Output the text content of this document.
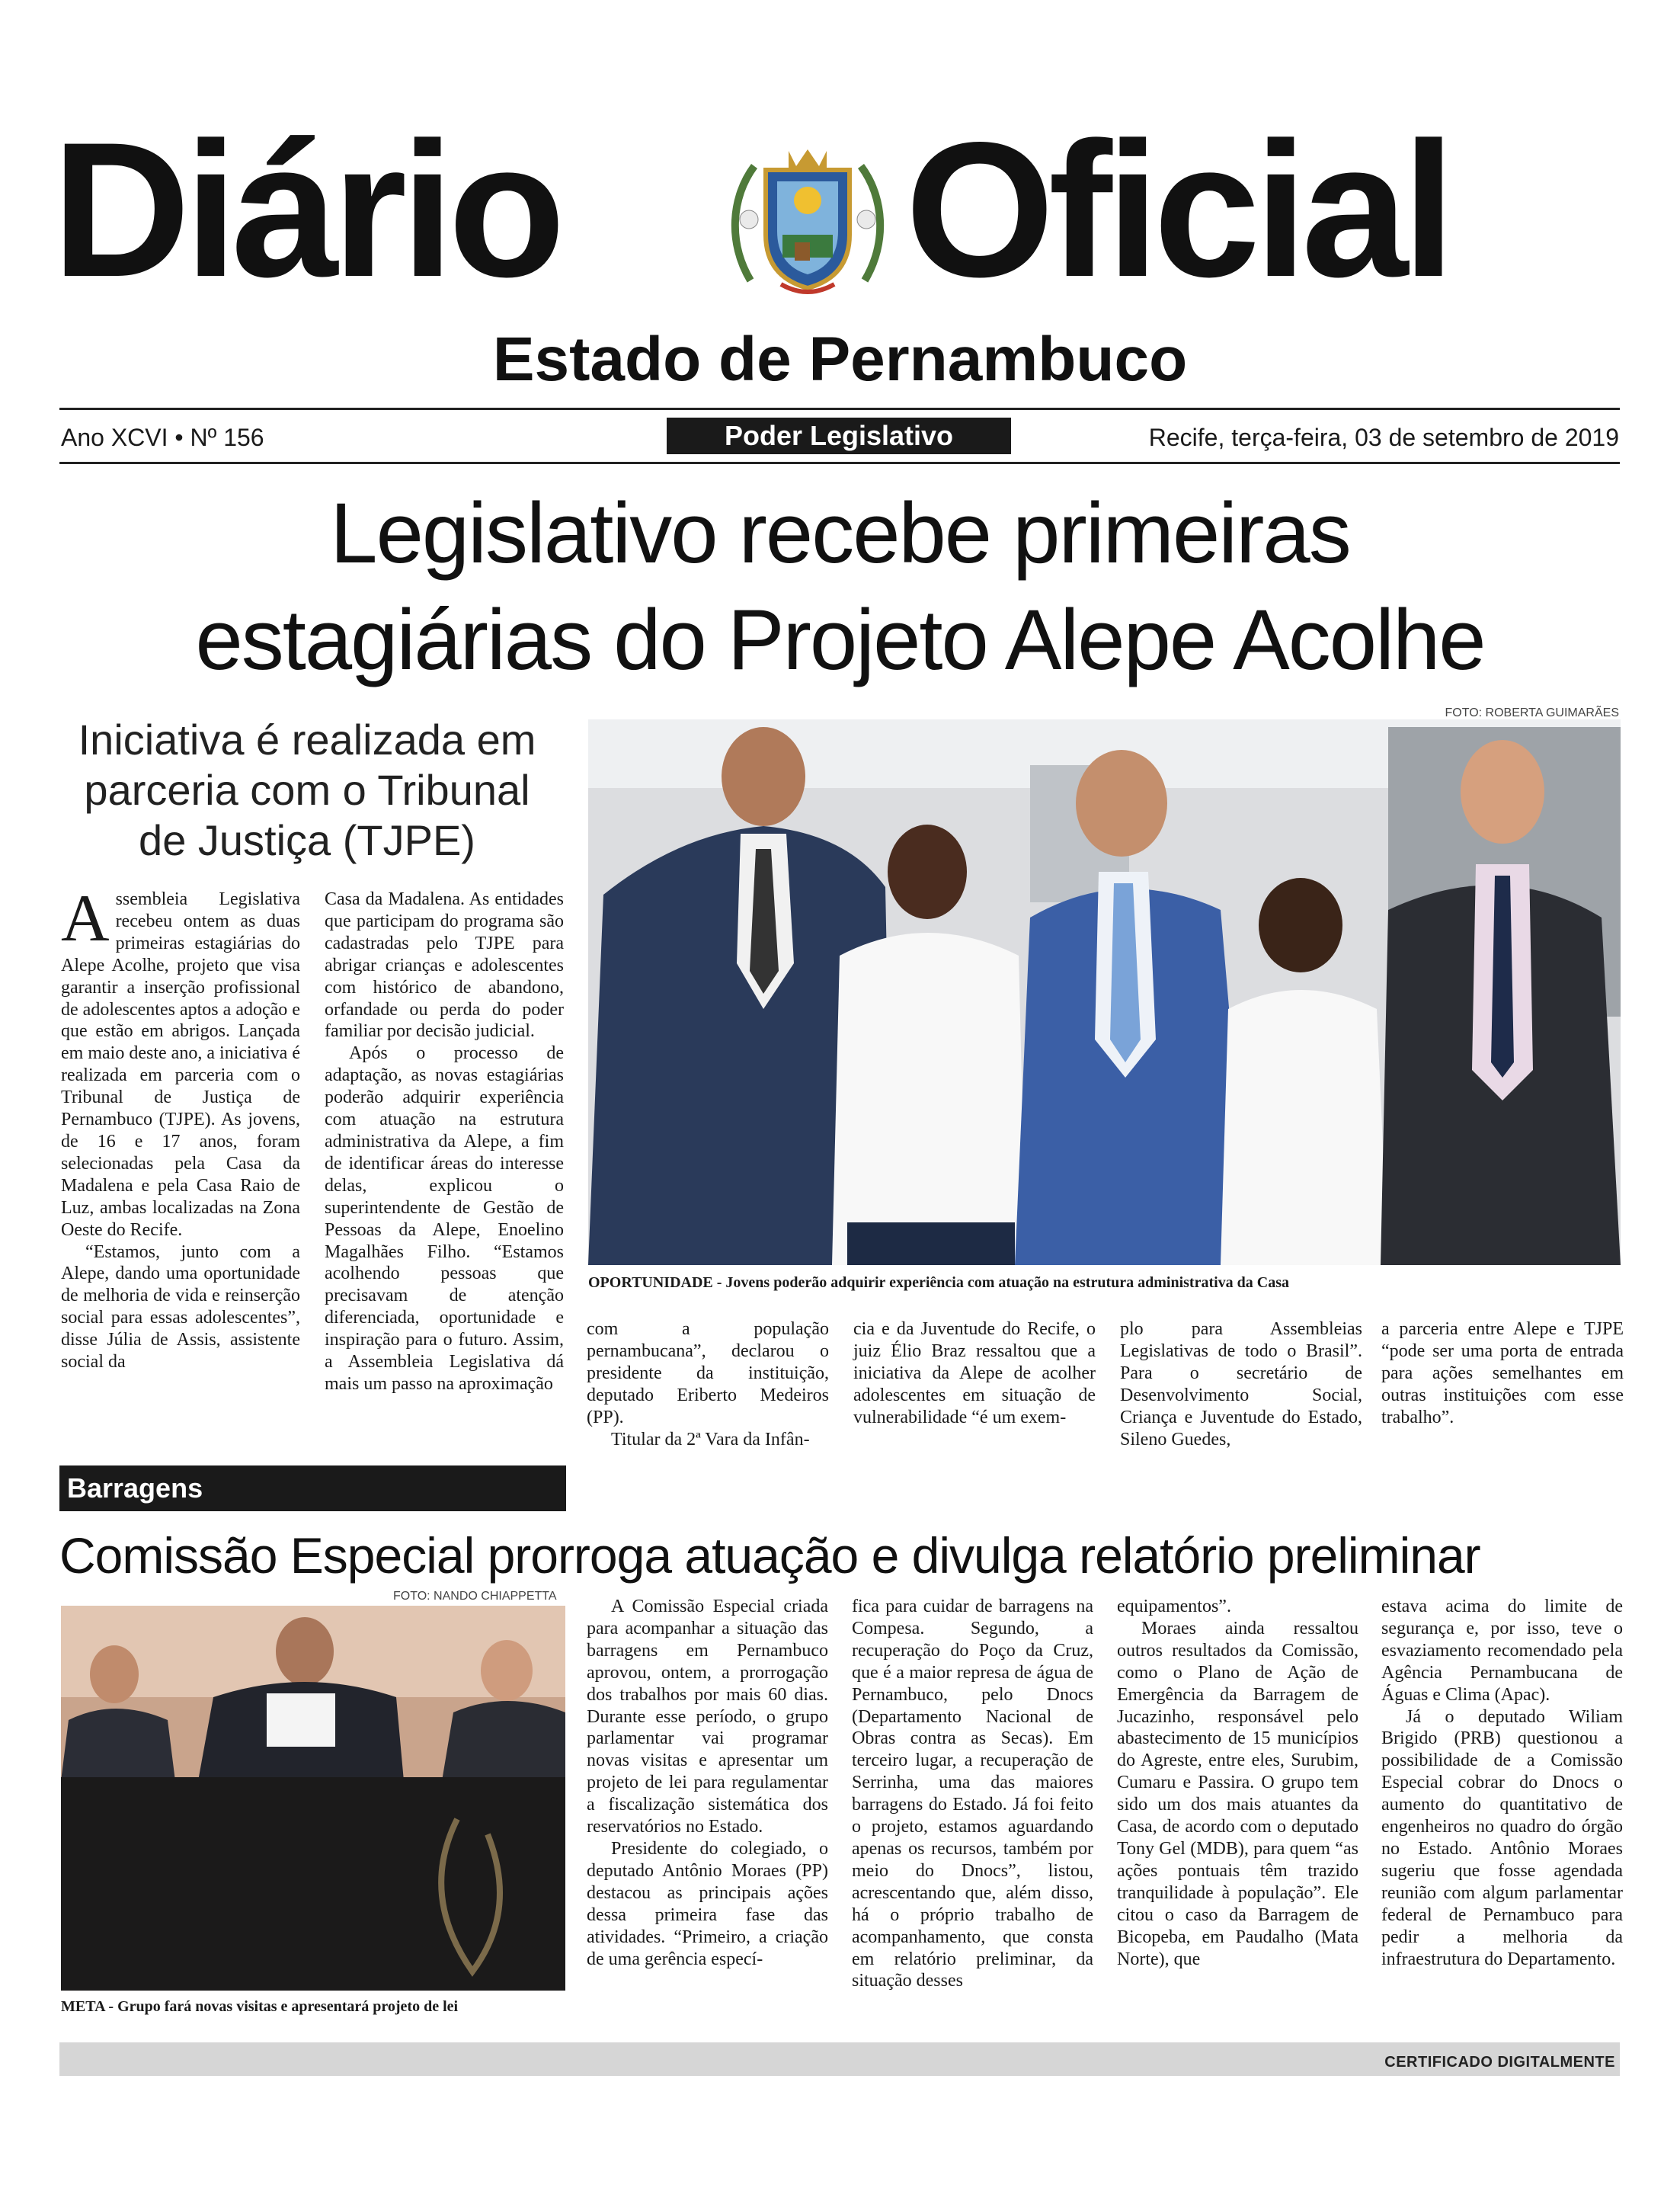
Diário Oficial
Estado de Pernambuco
Ano XCVI • Nº 156	Poder Legislativo	Recife, terça-feira, 03 de setembro de 2019
Legislativo recebe primeiras
estagiárias do Projeto Alepe Acolhe
FOTO: ROBERTA GUIMARÃES
Iniciativa é realizada em parceria com o Tribunal de Justiça (TJPE)

Assembleia Legislativa recebeu ontem as duas primeiras estagiárias do Alepe Acolhe, projeto que visa garantir a inserção profissional de adolescentes aptos a adoção e que estão em abrigos. Lançada em maio deste ano, a iniciativa é realizada em parceria com o Tribunal de Justiça de Pernambuco (TJPE). As jovens, de 16 e 17 anos, foram selecionadas pela Casa da Madalena e pela Casa Raio de Luz, ambas localizadas na Zona Oeste do Recife.

“Estamos, junto com a Alepe, dando uma oportunidade de melhoria de vida e reinserção social para essas adolescentes”, disse Júlia de Assis, assistente social da

Casa da Madalena. As entidades que participam do programa são cadastradas pelo TJPE para abrigar crianças e adolescentes com histórico de abandono, orfandade ou perda do poder familiar por decisão judicial.

Após o processo de adaptação, as novas estagiárias poderão adquirir experiência com atuação na estrutura administrativa da Alepe, a fim de identificar áreas do interesse delas, explicou o superintendente de Gestão de Pessoas da Alepe, Enoelino Magalhães Filho. “Estamos acolhendo pessoas que precisavam de atenção diferenciada, oportunidade e inspiração para o futuro. Assim, a Assembleia Legislativa dá mais um passo na aproximação

OPORTUNIDADE - Jovens poderão adquirir experiência com atuação na estrutura administrativa da Casa

com a população pernambucana”, declarou o presidente da instituição, deputado Eriberto Medeiros (PP).

Titular da 2ª Vara da Infân-

cia e da Juventude do Recife, o juiz Élio Braz ressaltou que a iniciativa da Alepe de acolher adolescentes em situação de vulnerabilidade “é um exem-

plo para Assembleias Legislativas de todo o Brasil”. Para o secretário de Desenvolvimento Social, Criança e Juventude do Estado, Sileno Guedes,

a parceria entre Alepe e TJPE “pode ser uma porta de entrada para ações semelhantes em outras instituições com esse trabalho”.

Barragens
Comissão Especial prorroga atuação e divulga relatório preliminar
FOTO: NANDO CHIAPPETTA
META - Grupo fará novas visitas e apresentará projeto de lei

A Comissão Especial criada para acompanhar a situação das barragens em Pernambuco aprovou, ontem, a prorrogação dos trabalhos por mais 60 dias. Durante esse período, o grupo parlamentar vai programar novas visitas e apresentar um projeto de lei para regulamentar a fiscalização sistemática dos reservatórios no Estado.

Presidente do colegiado, o deputado Antônio Moraes (PP) destacou as principais ações dessa primeira fase das atividades. “Primeiro, a criação de uma gerência especí-

fica para cuidar de barragens na Compesa. Segundo, a recuperação do Poço da Cruz, que é a maior represa de água de Pernambuco, pelo Dnocs (Departamento Nacional de Obras contra as Secas). Em terceiro lugar, a recuperação de Serrinha, uma das maiores barragens do Estado. Já foi feito o projeto, estamos aguardando apenas os recursos, também por meio do Dnocs”, listou, acrescentando que, além disso, há o próprio trabalho de acompanhamento, que consta em relatório preliminar, da situação desses

equipamentos”.

Moraes ainda ressaltou outros resultados da Comissão, como o Plano de Ação de Emergência da Barragem de Jucazinho, responsável pelo abastecimento de 15 municípios do Agreste, entre eles, Surubim, Cumaru e Passira. O grupo tem sido um dos mais atuantes da Casa, de acordo com o deputado Tony Gel (MDB), para quem “as ações pontuais têm trazido tranquilidade à população”. Ele citou o caso da Barragem de Bicopeba, em Paudalho (Mata Norte), que

estava acima do limite de segurança e, por isso, teve o esvaziamento recomendado pela Agência Pernambucana de Águas e Clima (Apac).

Já o deputado Wiliam Brigido (PRB) questionou a possibilidade de a Comissão Especial cobrar do Dnocs o aumento do quantitativo de engenheiros no quadro do órgão no Estado. Antônio Moraes sugeriu que fosse agendada reunião com algum parlamentar federal de Pernambuco para pedir a melhoria da infraestrutura do Departamento.

CERTIFICADO DIGITALMENTE
